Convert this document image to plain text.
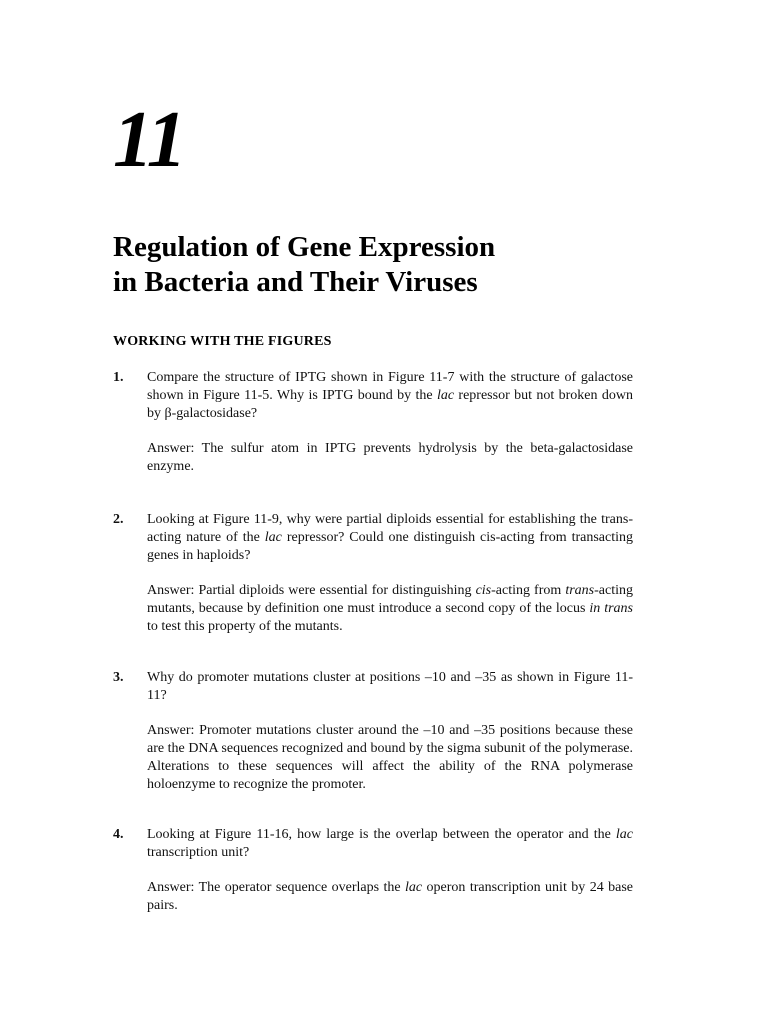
11
Regulation of Gene Expression
in Bacteria and Their Viruses
WORKING WITH THE FIGURES
1. Compare the structure of IPTG shown in Figure 11-7 with the structure of galactose shown in Figure 11-5. Why is IPTG bound by the lac repressor but not broken down by β-galactosidase?
Answer: The sulfur atom in IPTG prevents hydrolysis by the beta-galactosidase enzyme.
2. Looking at Figure 11-9, why were partial diploids essential for establishing the trans-acting nature of the lac repressor? Could one distinguish cis-acting from transacting genes in haploids?
Answer: Partial diploids were essential for distinguishing cis-acting from trans-acting mutants, because by definition one must introduce a second copy of the locus in trans to test this property of the mutants.
3. Why do promoter mutations cluster at positions –10 and –35 as shown in Figure 11-11?
Answer: Promoter mutations cluster around the –10 and –35 positions because these are the DNA sequences recognized and bound by the sigma subunit of the polymerase. Alterations to these sequences will affect the ability of the RNA polymerase holoenzyme to recognize the promoter.
4. Looking at Figure 11-16, how large is the overlap between the operator and the lac transcription unit?
Answer: The operator sequence overlaps the lac operon transcription unit by 24 base pairs.
